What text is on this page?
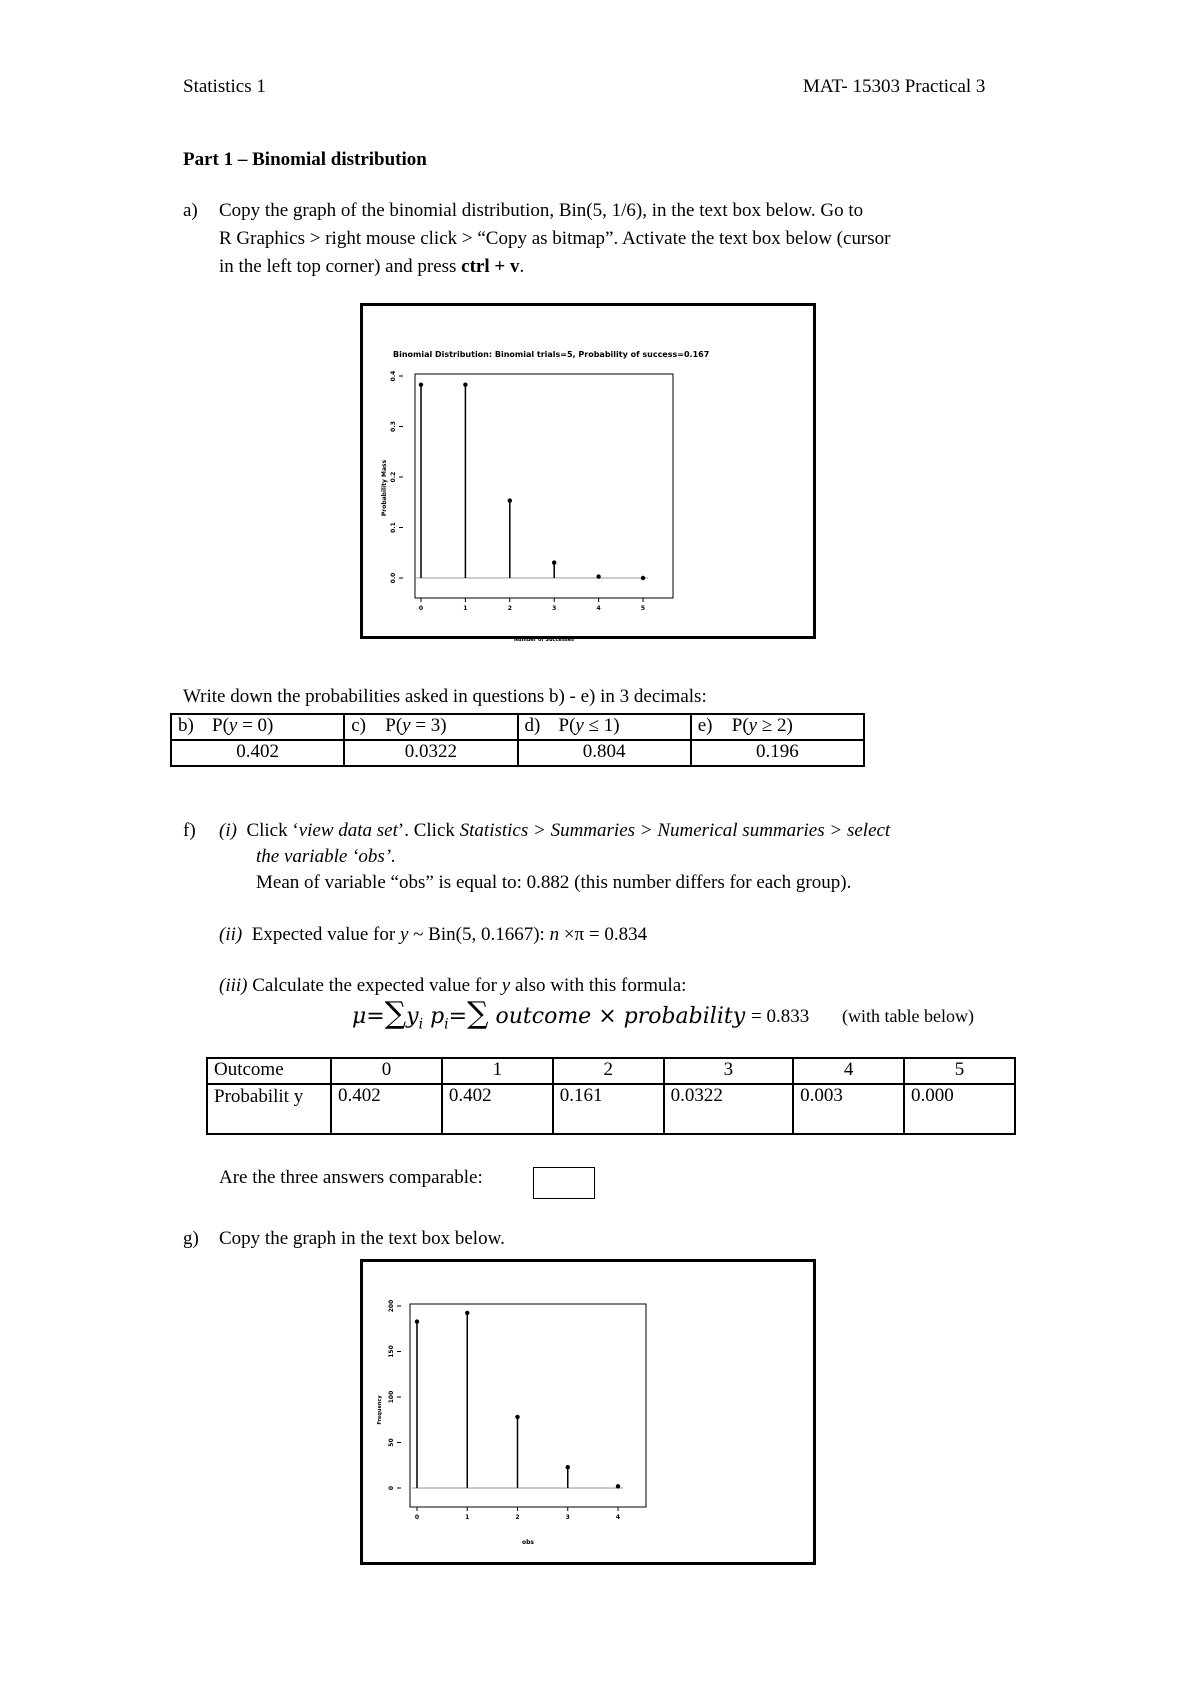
Statistics 1	MAT- 15303 Practical 3
Part 1 – Binomial distribution
a) Copy the graph of the binomial distribution, Bin(5, 1/6), in the text box below. Go to
R Graphics > right mouse click > “Copy as bitmap”. Activate the text box below (cursor
in the left top corner) and press ctrl + v.
Binomial Distribution: Binomial trials=5, Probability of success=0.167
Probability Mass
Number of Successes
0.0
0.1
0.2
0.3
0.4
0	1	2	3	4	5
Write down the probabilities asked in questions b) - e) in 3 decimals:
b) P(y = 0)	c) P(y = 3)	d) P(y ≤ 1)	e) P(y ≥ 2)
0.402	0.0322	0.804	0.196
f) (i) Click ‘view data set’. Click Statistics > Summaries > Numerical summaries > select
the variable ‘obs’.
Mean of variable “obs” is equal to: 0.882 (this number differs for each group).
(ii) Expected value for y ~ Bin(5, 0.1667): n ×π = 0.834
(iii) Calculate the expected value for y also with this formula:
$\mu=\sum y_i$ $p_i=\sum$ outcome × probability = 0.833 (with table below)
Outcome	0	1	2	3	4	5
Probabilit y	0.402	0.402	0.161	0.0322	0.003	0.000
Are the three answers comparable:
g) Copy the graph in the text box below.
Frequency
obs
0
50
100
150
200
0	1	2	3	4
